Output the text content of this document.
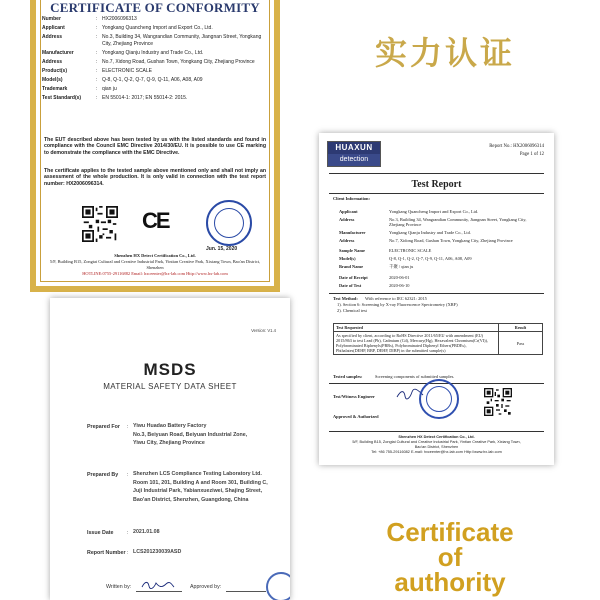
CERTIFICATE OF CONFORMITY
Number	: HX2006096313
Applicant	: Yongkang Quancheng Import and Export Co., Ltd.
Address	: No.3, Building 34, Wangrandian Community, Jiangnan Street, Yongkang City, Zhejiang Province
Manufacturer	: Yongkang Qianju Industry and Trade Co., Ltd.
Address	: No.7, Xidong Road, Gushan Town, Yongkang City, Zhejiang Province
Product(s)	: ELECTRONIC SCALE
Model(s)	: Q-8, Q-1, Q-2, Q-7, Q-9, Q-11, A06, A08, A09
Trademark	: qian ju
Test Standard(s)	: EN 55014-1: 2017; EN 55014-2: 2015.
The EUT described above has been tested by us with the listed standards and found in compliance with the Council EMC Directive 2014/30/EU. It is possible to use CE marking to demonstrate the compliance with the EMC Directive.
The certificate applies to the tested sample above mentioned only and shall not imply an assessment of the whole production. It is only valid in connection with the test report number: HX2006096314.
CE
Jun. 15, 2020
Shenzhen HX Detect Certification Co., Ltd.
5/F, Building B15, Zongtai Cultural and Creative Industrial Park, Yintian Creative Park, Xixiang Town, Bao'an District, Shenzhen
HOTLINE:0755-29116882 Email: hxceenter@hx-lab.com Http://www.hx-lab.com
实力认证
Certificate
of
authority
HUAXUN
detection
Report No.: HX2006096314
Page 1 of 12
Test Report
Client Information:
Applicant	Yongkang Quancheng Import and Export Co., Ltd.
Address	No.3, Building 34, Wangrandian Community, Jiangnan Street, Yongkang City, Zhejiang Province
Manufacturer	Yongkang Qianju Industry and Trade Co., Ltd.
Address	No.7, Xidong Road, Gushan Town, Yongkang City, Zhejiang Province
Sample Name	ELECTRONIC SCALE
Model(s)	Q-8, Q-1, Q-2, Q-7, Q-9, Q-11, A06, A08, A09
Brand Name	千聚 / qian ju
Date of Receipt	2020-06-01
Date of Test	2020-06-10
Test Method: With reference to IEC 62321: 2015
1). Section 6: Screening by X-ray Fluorescence Spectrometry (XRF)
2). Chemical test
Test Requested	Result
As specified by client, according to RoHS Directive 2011/65/EU with amendment (EU) 2015/863 to test Lead (Pb), Cadmium (Cd), Mercury(Hg), Hexavalent Chromium(Cr(VI)), Polybrominated Biphenyls(PBBs), Polybrominated Diphenyl Ethers(PBDEs), Phthalates(DEHP, BBP, DEHP, DIBP) in the submitted sample(s)	Pass
Tested samples:	Screening components of submitted samples.
Test/Witness Engineer
Approved & Authorized
Shenzhen HX Detect Certification Co., Ltd.
5/F, Building B15, Zongtai Cultural and Creative Industrial Park, Yintian Creative Park, Xixiang Town,
Bao'an District, Shenzhen
Tel: +86 755-29116082 E-mail: hxceenter@hx-lab.com Http://www.hx-lab.com
Version: V1.4
MSDS
MATERIAL SAFETY DATA SHEET
Prepared For : Yiwu Huadao Battery Factory
No.3, Beiyuan Road, Beiyuan Industrial Zone,
Yiwu City, Zhejiang Province
Prepared By : Shenzhen LCS Compliance Testing Laboratory Ltd.
Room 101, 201, Building A and Room 301, Building C,
Juji Industrial Park, Yabianxueziwei, Shajing Street,
Bao'an District, Shenzhen, Guangdong, China
Issue Date	: 2021.01.08
Report Number : LCS201230039ASD
Written by:	Approved by:
